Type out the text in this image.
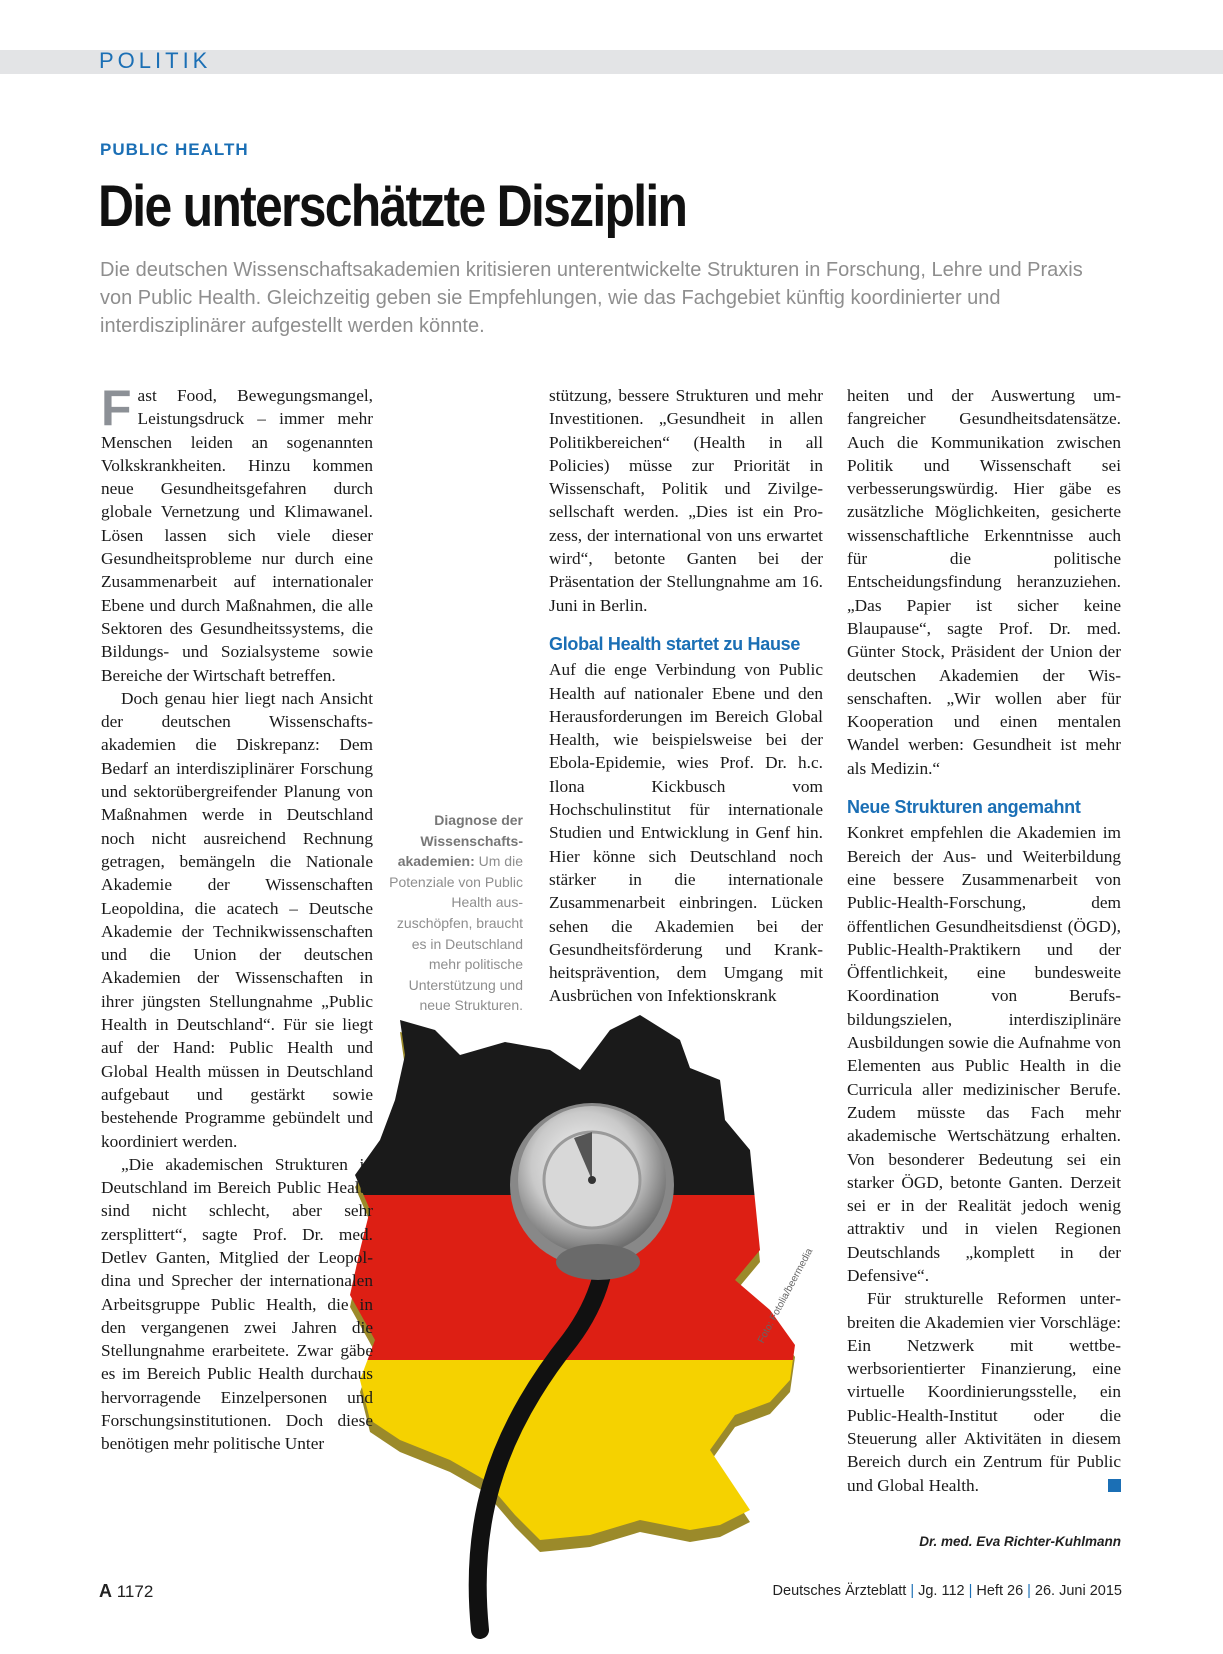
POLITIK
PUBLIC HEALTH
Die unterschätzte Disziplin
Die deutschen Wissenschaftsakademien kritisieren unterentwickelte Strukturen in Forschung, Lehre und Praxis von Public Health. Gleichzeitig geben sie Empfehlungen, wie das Fachgebiet künftig koordinierter und interdisziplinärer aufgestellt werden könnte.
Foto: Fotolia/beermedia
Diagnose der Wissenschaftsakademien: Um die Potenziale von Public Health auszuschöpfen, braucht es in Deutschland mehr politische Unterstützung und neue Strukturen.

Fast Food, Bewegungsmangel, Leistungsdruck – immer mehr Menschen leiden an sogenannten Volkskrankheiten. Hinzu kommen neue Gesundheitsgefahren durch globale Vernetzung und Klimawanel. Lösen lassen sich viele dieser Gesundheitsprobleme nur durch eine Zusammenarbeit auf internationaler Ebene und durch Maßnahmen, die alle Sektoren des Gesundheitssystems, die Bildungs- und Sozialsysteme sowie Bereiche der Wirtschaft betreffen.

Doch genau hier liegt nach Ansicht der deutschen Wissenschaftsakademien die Diskrepanz: Dem Bedarf an interdisziplinärer Forschung und sektorübergreifender Planung von Maßnahmen werde in Deutschland noch nicht ausreichend Rechnung getragen, bemängeln die Nationale Akademie der Wissenschaften Leopoldina, die acatech – Deutsche Akademie der Technikwissenschaften und die Union der deutschen Akademien der Wissenschaften in ihrer jüngsten Stellungnahme „Public Health in Deutschland“. Für sie liegt auf der Hand: Public Health und Global Health müssen in Deutschland aufgebaut und gestärkt sowie bestehende Programme gebündelt und koordiniert werden.

„Die akademischen Strukturen in Deutschland im Bereich Public Health sind nicht schlecht, aber sehr zersplittert“, sagte Prof. Dr. med. Detlev Ganten, Mitglied der Leopoldina und Sprecher der internationalen Arbeitsgruppe Public Health, die in den vergangenen zwei Jahren die Stellungnahme erarbeitete. Zwar gäbe es im Bereich Public Health durchaus hervorragende Einzelpersonen und Forschungsinstitutionen. Doch diese benötigen mehr politische Unter

stützung, bessere Strukturen und mehr Investitionen. „Gesundheit in allen Politikbereichen“ (Health in all Policies) müsse zur Priorität in Wissenschaft, Politik und Zivilgesellschaft werden. „Dies ist ein Prozess, der international von uns erwartet wird“, betonte Ganten bei der Präsentation der Stellungnahme am 16. Juni in Berlin.

Global Health startet zu Hause

Auf die enge Verbindung von Public Health auf nationaler Ebene und den Herausforderungen im Bereich Global Health, wie beispielsweise bei der Ebola-Epidemie, wies Prof. Dr. h.c. Ilona Kickbusch vom Hochschulinstitut für internationale Studien und Entwicklung in Genf hin. Hier könne sich Deutschland noch stärker in die internationale Zusammenarbeit einbringen. Lücken sehen die Akademien bei der Gesundheitsförderung und Krankheitsprävention, dem Umgang mit Ausbrüchen von Infektionskrank

heiten und der Auswertung umfangreicher Gesundheitsdatensätze. Auch die Kommunikation zwischen Politik und Wissenschaft sei verbesserungswürdig. Hier gäbe es zusätzliche Möglichkeiten, gesicherte wissenschaftliche Erkenntnisse auch für die politische Entscheidungsfindung heranzuziehen. „Das Papier ist sicher keine Blaupause“, sagte Prof. Dr. med. Günter Stock, Präsident der Union der deutschen Akademien der Wissenschaften. „Wir wollen aber für Kooperation und einen mentalen Wandel werben: Gesundheit ist mehr als Medizin.“

Neue Strukturen angemahnt

Konkret empfehlen die Akademien im Bereich der Aus- und Weiterbildung eine bessere Zusammenarbeit von Public-Health-Forschung, dem öffentlichen Gesundheitsdienst (ÖGD), Public-Health-Praktikern und der Öffentlichkeit, eine bundesweite Koordination von Berufsbildungszielen, interdisziplinäre Ausbildungen sowie die Aufnahme von Elementen aus Public Health in die Curricula aller medizinischer Berufe. Zudem müsste das Fach mehr akademische Wertschätzung erhalten. Von besonderer Bedeutung sei ein starker ÖGD, betonte Ganten. Derzeit sei er in der Realität jedoch wenig attraktiv und in vielen Regionen Deutschlands „komplett in der Defensive“.

Für strukturelle Reformen unterbreiten die Akademien vier Vorschläge: Ein Netzwerk mit wettbewerbsorientierter Finanzierung, eine virtuelle Koordinierungsstelle, ein Public-Health-Institut oder die Steuerung aller Aktivitäten in diesem Bereich durch ein Zentrum für Public und Global Health.

Dr. med. Eva Richter-Kuhlmann
A 1172	Deutsches Ärzteblatt | Jg. 112 | Heft 26 | 26. Juni 2015
